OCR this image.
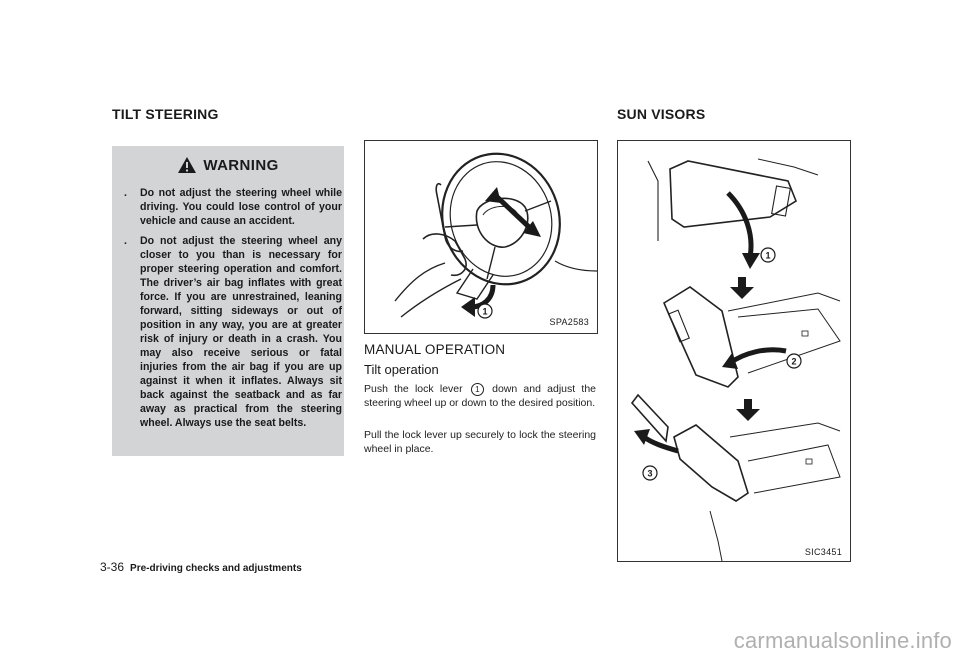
TILT STEERING	SUN VISORS
WARNING
. Do not adjust the steering wheel while driving. You could lose control of your vehicle and cause an accident.
. Do not adjust the steering wheel any closer to you than is necessary for proper steering operation and comfort. The driver’s air bag inflates with great force. If you are unrestrained, leaning forward, sitting sideways or out of position in any way, you are at greater risk of injury or death in a crash. You may also receive serious or fatal injuries from the air bag if you are up against it when it inflates. Always sit back against the seatback and as far away as practical from the steering wheel. Always use the seat belts.
1
SPA2583
MANUAL OPERATION
Tilt operation
Push the lock lever 1 down and adjust the steering wheel up or down to the desired position.
Pull the lock lever up securely to lock the steering wheel in place.
1
2
3
SIC3451
3-36 Pre-driving checks and adjustments
carmanualsonline.info
